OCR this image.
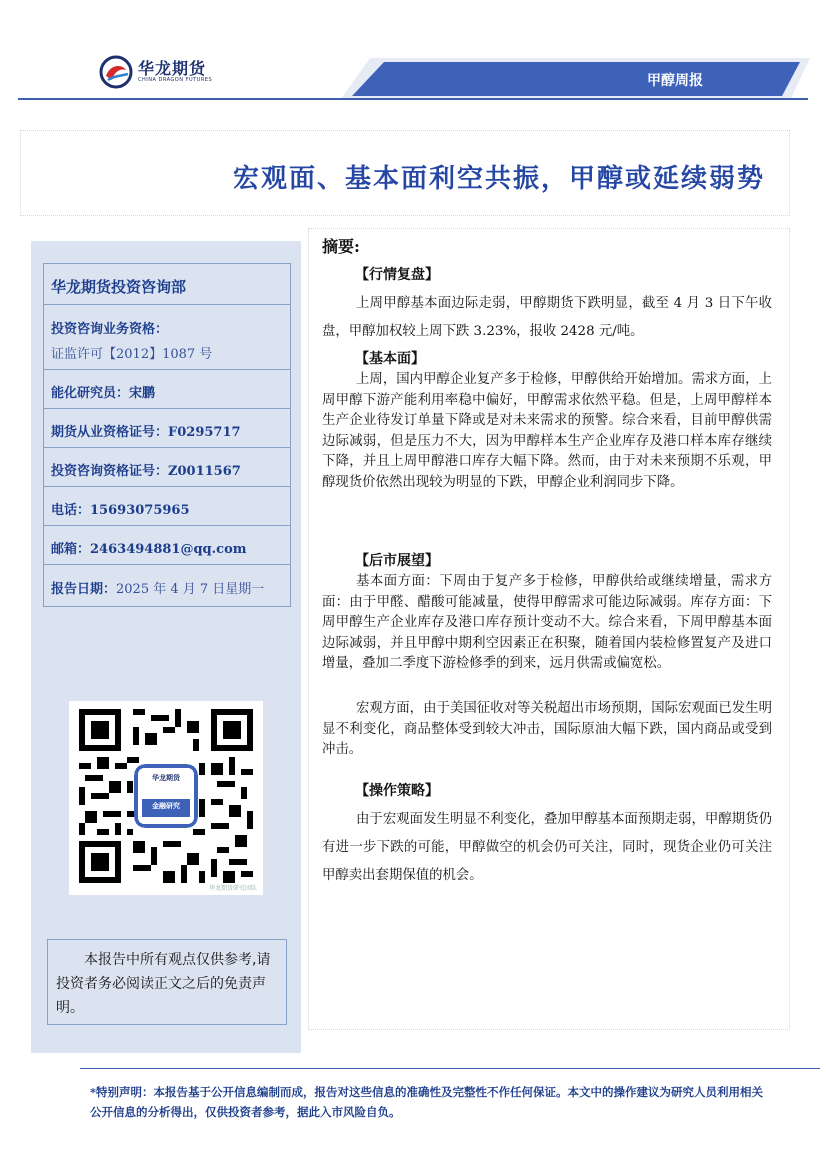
华龙期货
CHINA DRAGON FUTURES	甲醇周报
宏观面、基本面利空共振，甲醇或延续弱势
华龙期货投资咨询部
投资咨询业务资格：
证监许可【2012】1087 号
能化研究员：宋鹏
期货从业资格证号：F0295717
投资咨询资格证号：Z0011567
电话：15693075965
邮箱：2463494881@qq.com
报告日期：2025 年 4 月 7 日星期一
华龙期货
金融研究
华龙期货研究团队

本报告中所有观点仅供参考,请投资者务必阅读正文之后的免责声明。

摘要:
【行情复盘】

上周甲醇基本面边际走弱，甲醇期货下跌明显，截至 4 月 3 日下午收盘，甲醇加权较上周下跌 3.23%，报收 2428 元/吨。

【基本面】

上周，国内甲醇企业复产多于检修，甲醇供给开始增加。需求方面，上周甲醇下游产能利用率稳中偏好，甲醇需求依然平稳。但是，上周甲醇样本生产企业待发订单量下降或是对未来需求的预警。综合来看，目前甲醇供需边际减弱，但是压力不大，因为甲醇样本生产企业库存及港口样本库存继续下降，并且上周甲醇港口库存大幅下降。然而，由于对未来预期不乐观，甲醇现货价依然出现较为明显的下跌，甲醇企业利润同步下降。

【后市展望】

基本面方面：下周由于复产多于检修，甲醇供给或继续增量，需求方面：由于甲醛、醋酸可能减量，使得甲醇需求可能边际减弱。库存方面：下周甲醇生产企业库存及港口库存预计变动不大。综合来看，下周甲醇基本面边际减弱，并且甲醇中期利空因素正在积聚，随着国内装检修置复产及进口增量，叠加二季度下游检修季的到来，远月供需或偏宽松。

宏观方面，由于美国征收对等关税超出市场预期，国际宏观面已发生明显不利变化，商品整体受到较大冲击，国际原油大幅下跌，国内商品或受到冲击。

【操作策略】

由于宏观面发生明显不利变化，叠加甲醇基本面预期走弱，甲醇期货仍有进一步下跌的可能，甲醇做空的机会仍可关注，同时，现货企业仍可关注甲醇卖出套期保值的机会。

*特别声明：本报告基于公开信息编制而成，报告对这些信息的准确性及完整性不作任何保证。本文中的操作建议为研究人员利用相关公开信息的分析得出，仅供投资者参考，据此入市风险自负。
